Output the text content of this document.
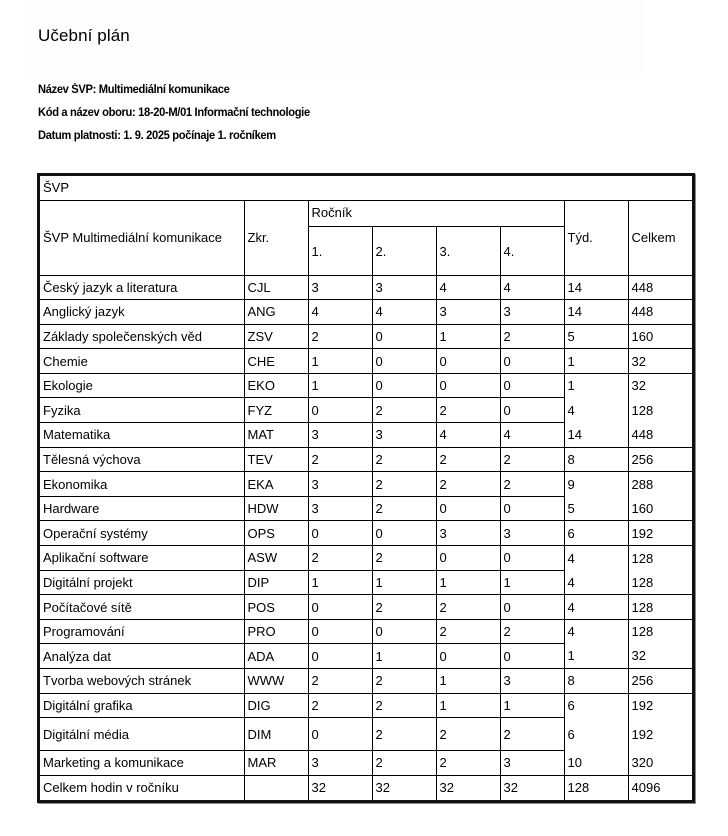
Učební plán
Název ŠVP: Multimediální komunikace
Kód a název oboru: 18-20-M/01 Informační technologie
Datum platnosti: 1. 9. 2025 počínaje 1. ročníkem
ŠVP							
ŠVP Multimediální komunikace	Zkr.	Ročník				Týd.	Celkem
		1.	2.	3.	4.		
Český jazyk a literatura	CJL	3	3	4	4	14	448
Anglický jazyk	ANG	4	4	3	3	14	448
Základy společenských věd	ZSV	2	0	1	2	5	160
Chemie	CHE	1	0	0	0	1	32
Ekologie	EKO	1	0	0	0	1	32
Fyzika	FYZ	0	2	2	0	4	128
Matematika	MAT	3	3	4	4	14	448
Tělesná výchova	TEV	2	2	2	2	8	256
Ekonomika	EKA	3	2	2	2	9	288
Hardware	HDW	3	2	0	0	5	160
Operační systémy	OPS	0	0	3	3	6	192
Aplikační software	ASW	2	2	0	0	4	128
Digitální projekt	DIP	1	1	1	1	4	128
Počítačové sítě	POS	0	2	2	0	4	128
Programování	PRO	0	0	2	2	4	128
Analýza dat	ADA	0	1	0	0	1	32
Tvorba webových stránek	WWW	2	2	1	3	8	256
Digitální grafika	DIG	2	2	1	1	6	192
Digitální média	DIM	0	2	2	2	6	192
Marketing a komunikace	MAR	3	2	2	3	10	320
Celkem hodin v ročníku		32	32	32	32	128	4096
